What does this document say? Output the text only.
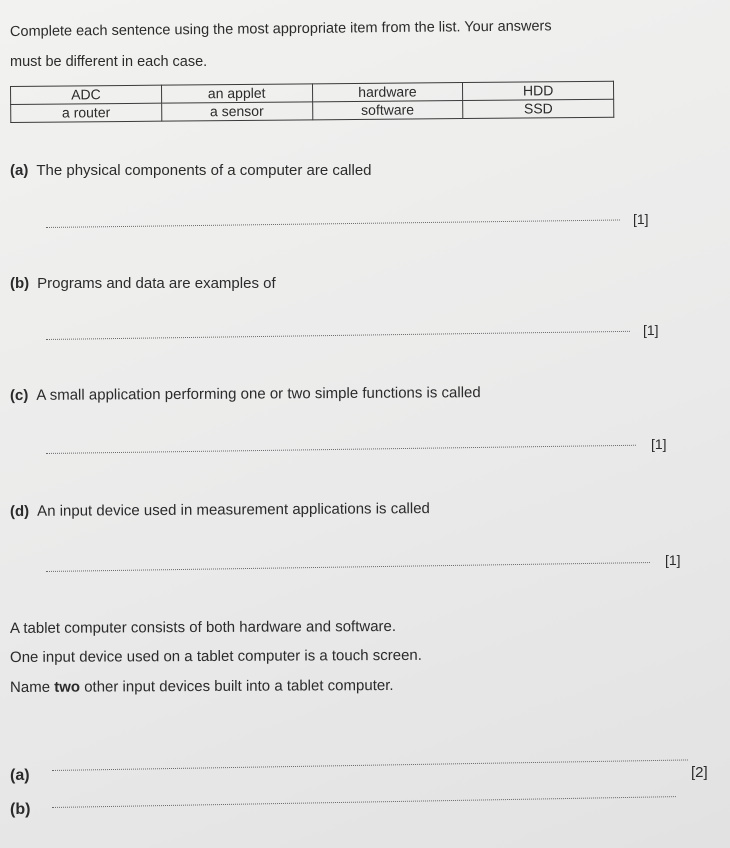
Complete each sentence using the most appropriate item from the list. Your answers
must be different in each case.
ADC	an applet	hardware	HDD
a router	a sensor	software	SSD
(a) The physical components of a computer are called
[1]
(b) Programs and data are examples of
[1]
(c) A small application performing one or two simple functions is called
[1]
(d) An input device used in measurement applications is called
[1]
A tablet computer consists of both hardware and software.
One input device used on a tablet computer is a touch screen.
Name two other input devices built into a tablet computer.
(a)	[2]
(b)
